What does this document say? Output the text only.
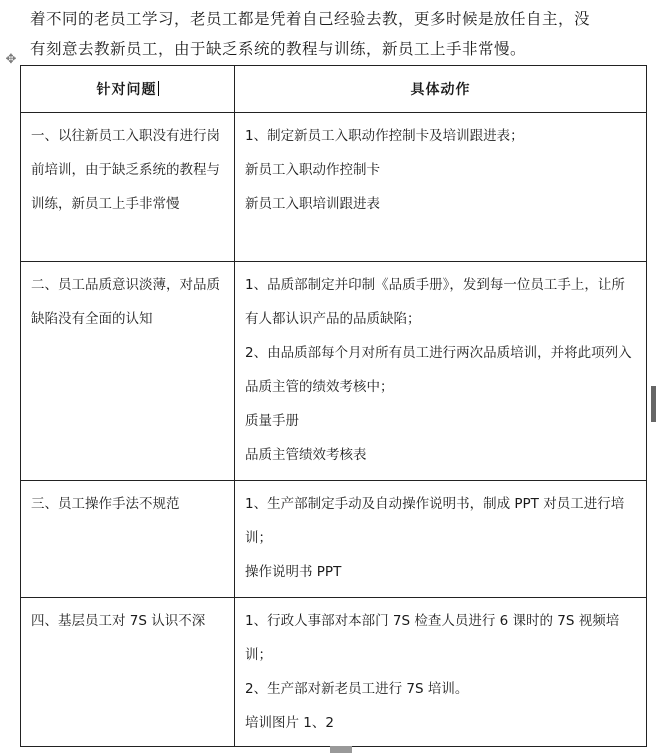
着不同的老员工学习，老员工都是凭着自己经验去教，更多时候是放任自主，没
有刻意去教新员工，由于缺乏系统的教程与训练，新员工上手非常慢。
✥
针对问题	具体动作

一、以往新员工入职没有进行岗前培训，由于缺乏系统的教程与训练，新员工上手非常慢	1、制定新员工入职动作控制卡及培训跟进表；
新员工入职动作控制卡
新员工入职培训跟进表

二、员工品质意识淡薄，对品质缺陷没有全面的认知	1、品质部制定并印制《品质手册》，发到每一位员工手上，让所有人都认识产品的品质缺陷；
2、由品质部每个月对所有员工进行两次品质培训，并将此项列入品质主管的绩效考核中；
质量手册
品质主管绩效考核表

三、员工操作手法不规范	1、生产部制定手动及自动操作说明书，制成 PPT 对员工进行培训；
操作说明书 PPT

四、基层员工对 7S 认识不深	1、行政人事部对本部门 7S 检查人员进行 6 课时的 7S 视频培训；
2、生产部对新老员工进行 7S 培训。
培训图片 1、2
